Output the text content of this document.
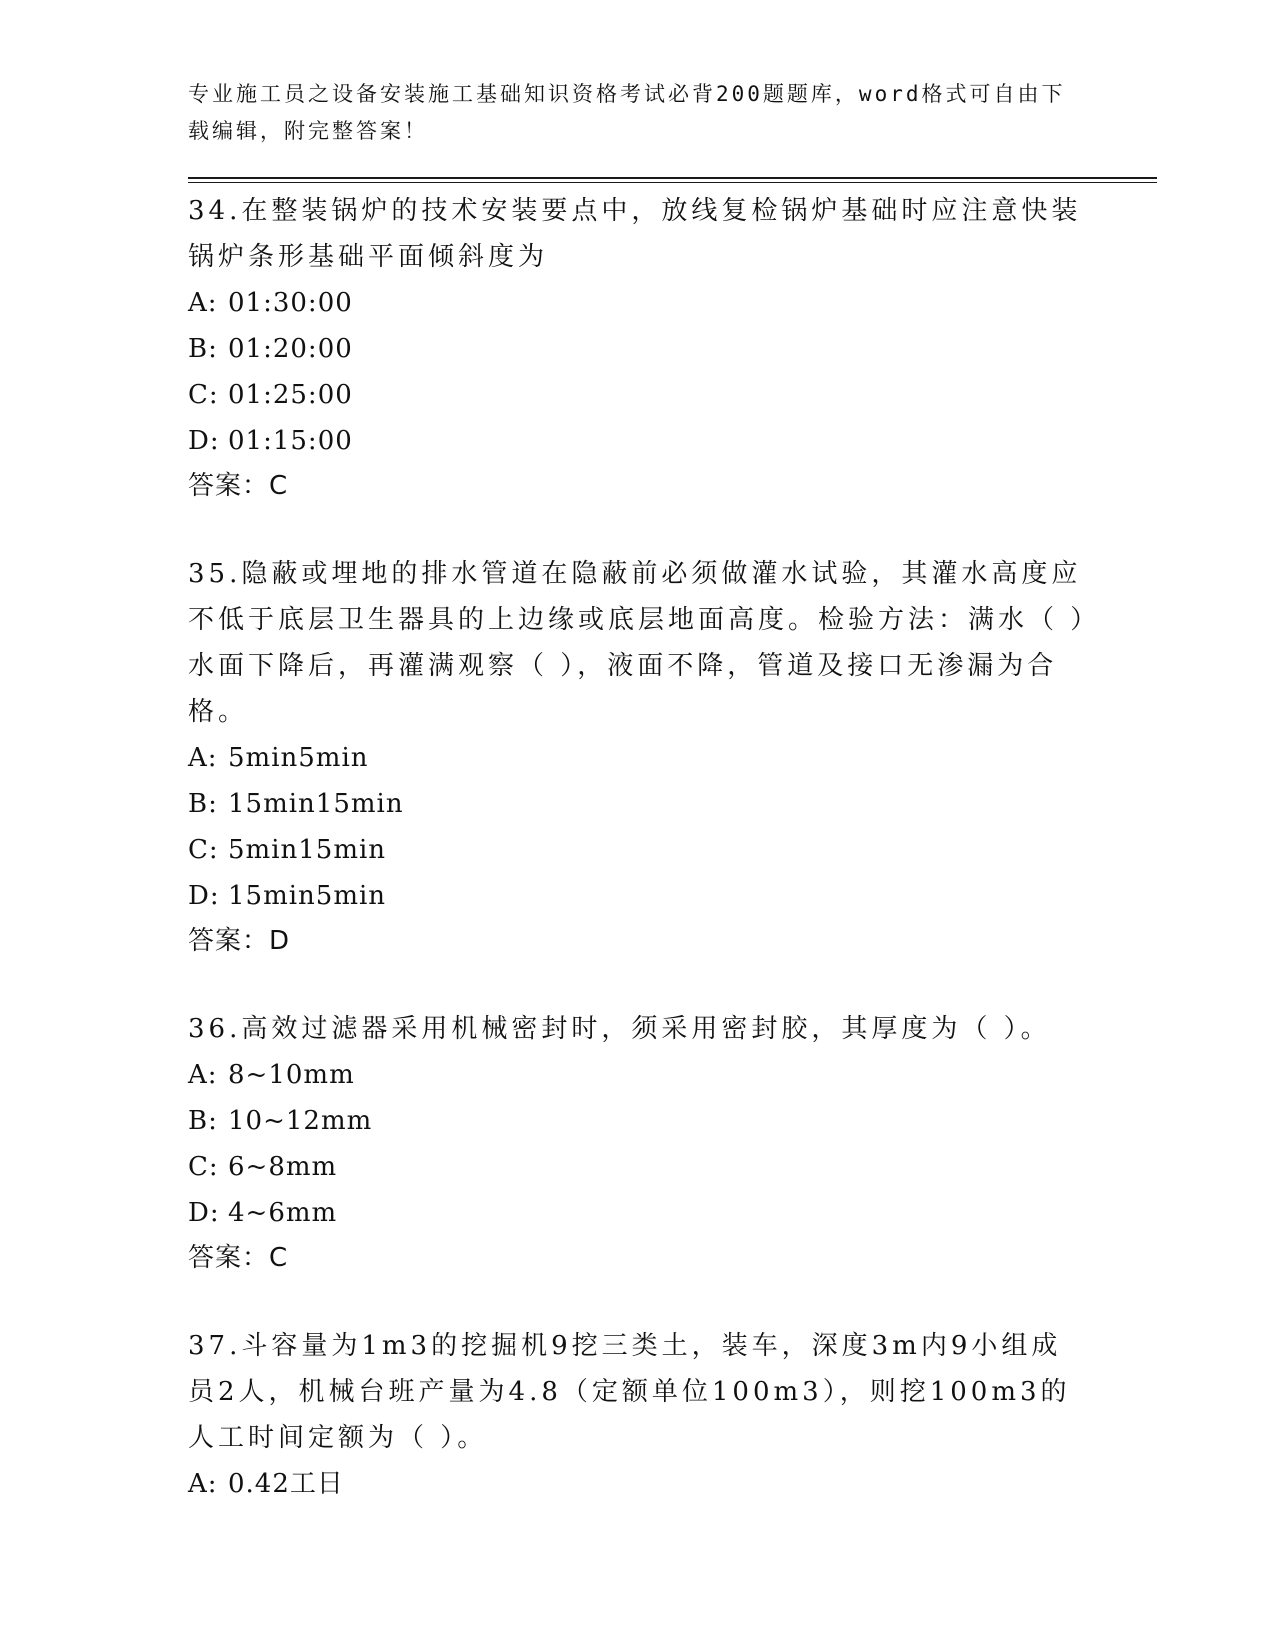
专业施工员之设备安装施工基础知识资格考试必背200题题库，word格式可自由下载编辑，附完整答案！

34.在整装锅炉的技术安装要点中，放线复检锅炉基础时应注意快装锅炉条形基础平面倾斜度为

A: 01:30:00

B: 01:20:00

C: 01:25:00

D: 01:15:00

答案：C

35.隐蔽或埋地的排水管道在隐蔽前必须做灌水试验，其灌水高度应不低于底层卫生器具的上边缘或底层地面高度。检验方法：满水（ ）水面下降后，再灌满观察（ ），液面不降，管道及接口无渗漏为合格。

A: 5min5min

B: 15min15min

C: 5min15min

D: 15min5min

答案：D

36.高效过滤器采用机械密封时，须采用密封胶，其厚度为（ ）。

A: 8~10mm

B: 10~12mm

C: 6~8mm

D: 4~6mm

答案：C

37.斗容量为1m3的挖掘机9挖三类土，装车，深度3m内9小组成员2人，机械台班产量为4.8（定额单位100m3），则挖100m3的人工时间定额为（ ）。

A: 0.42工日
